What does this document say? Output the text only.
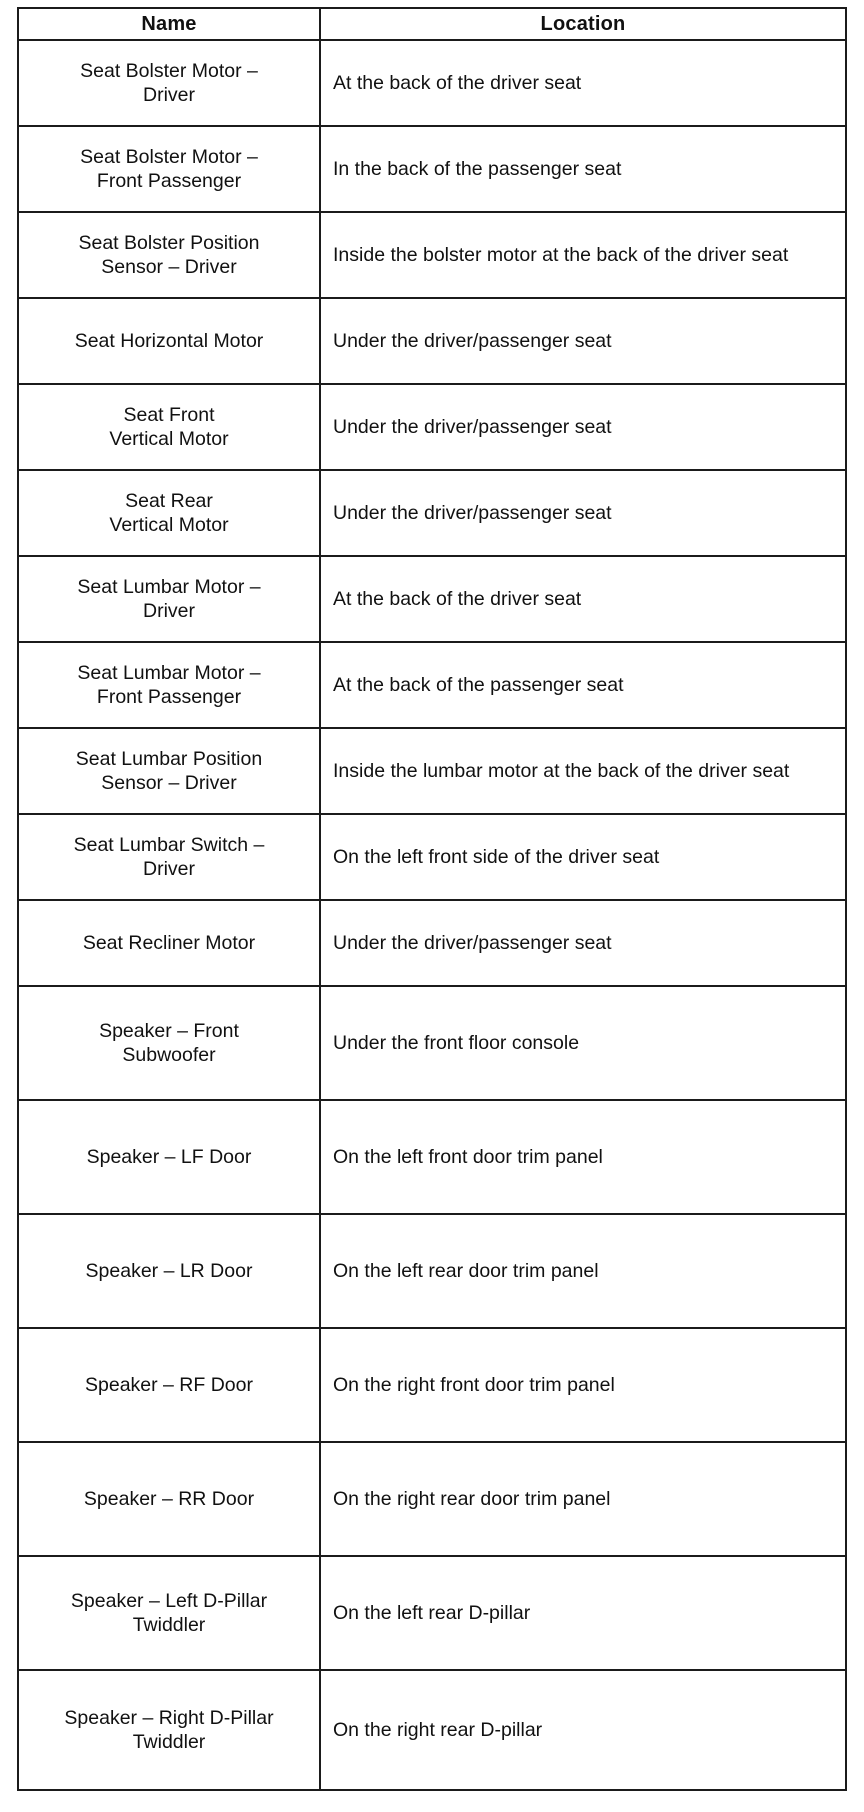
Name	Location
Seat Bolster Motor –
Driver	At the back of the driver seat
Seat Bolster Motor –
Front Passenger	In the back of the passenger seat
Seat Bolster Position
Sensor – Driver	Inside the bolster motor at the back of the driver seat
Seat Horizontal Motor	Under the driver/passenger seat
Seat Front
Vertical Motor	Under the driver/passenger seat
Seat Rear
Vertical Motor	Under the driver/passenger seat
Seat Lumbar Motor –
Driver	At the back of the driver seat
Seat Lumbar Motor –
Front Passenger	At the back of the passenger seat
Seat Lumbar Position
Sensor – Driver	Inside the lumbar motor at the back of the driver seat
Seat Lumbar Switch –
Driver	On the left front side of the driver seat
Seat Recliner Motor	Under the driver/passenger seat
Speaker – Front
Subwoofer	Under the front floor console
Speaker – LF Door	On the left front door trim panel
Speaker – LR Door	On the left rear door trim panel
Speaker – RF Door	On the right front door trim panel
Speaker – RR Door	On the right rear door trim panel
Speaker – Left D-Pillar
Twiddler	On the left rear D-pillar
Speaker – Right D-Pillar
Twiddler	On the right rear D-pillar
